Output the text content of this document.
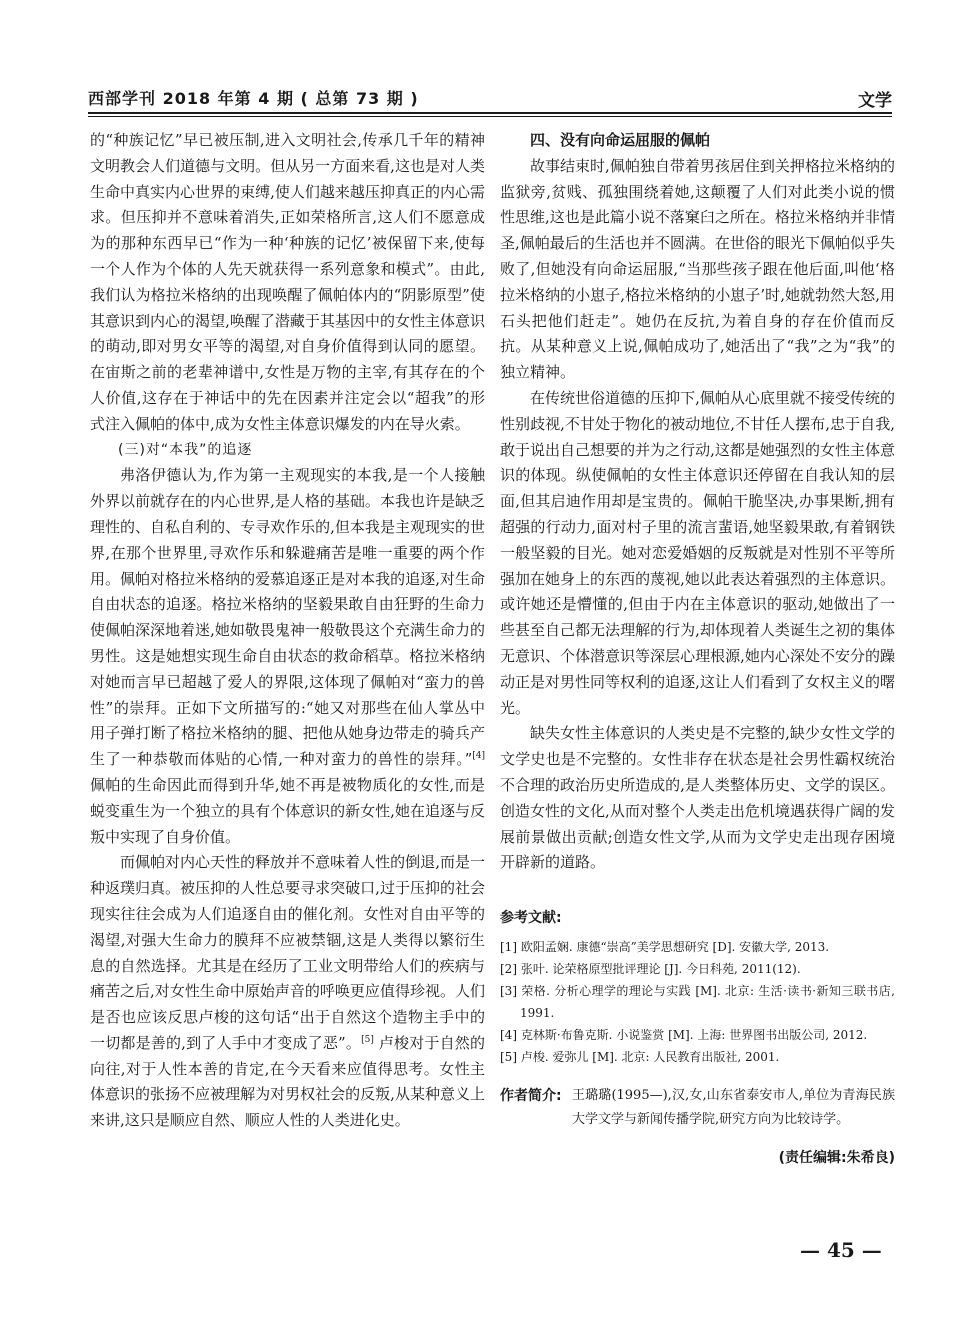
西部学刊 2018 年第 4 期 ( 总第 73 期 )	文学

的“种族记忆”早已被压制,进入文明社会,传承几千年的精神文明教会人们道德与文明。但从另一方面来看,这也是对人类生命中真实内心世界的束缚,使人们越来越压抑真正的内心需求。但压抑并不意味着消失,正如荣格所言,这人们不愿意成为的那种东西早已“作为一种‘种族的记忆’被保留下来,使每一个人作为个体的人先天就获得一系列意象和模式”。由此,我们认为格拉米格纳的出现唤醒了佩帕体内的“阴影原型”使其意识到内心的渴望,唤醒了潜藏于其基因中的女性主体意识的萌动,即对男女平等的渴望,对自身价值得到认同的愿望。在宙斯之前的老辈神谱中,女性是万物的主宰,有其存在的个人价值,这存在于神话中的先在因素并注定会以“超我”的形式注入佩帕的体中,成为女性主体意识爆发的内在导火索。

(三)对“本我”的追逐

弗洛伊德认为,作为第一主观现实的本我,是一个人接触外界以前就存在的内心世界,是人格的基础。本我也许是缺乏理性的、自私自利的、专寻欢作乐的,但本我是主观现实的世界,在那个世界里,寻欢作乐和躲避痛苦是唯一重要的两个作用。佩帕对格拉米格纳的爱慕追逐正是对本我的追逐,对生命自由状态的追逐。格拉米格纳的坚毅果敢自由狂野的生命力使佩帕深深地着迷,她如敬畏鬼神一般敬畏这个充满生命力的男性。这是她想实现生命自由状态的救命稻草。格拉米格纳对她而言早已超越了爱人的界限,这体现了佩帕对“蛮力的兽性”的崇拜。正如下文所描写的:“她又对那些在仙人掌丛中用子弹打断了格拉米格纳的腿、把他从她身边带走的骑兵产生了一种恭敬而体贴的心情,一种对蛮力的兽性的崇拜。”[4] 佩帕的生命因此而得到升华,她不再是被物质化的女性,而是蜕变重生为一个独立的具有个体意识的新女性,她在追逐与反叛中实现了自身价值。

而佩帕对内心天性的释放并不意味着人性的倒退,而是一种返璞归真。被压抑的人性总要寻求突破口,过于压抑的社会现实往往会成为人们追逐自由的催化剂。女性对自由平等的渴望,对强大生命力的膜拜不应被禁锢,这是人类得以繁衍生息的自然选择。尤其是在经历了工业文明带给人们的疾病与痛苦之后,对女性生命中原始声音的呼唤更应值得珍视。人们是否也应该反思卢梭的这句话“出于自然这个造物主手中的一切都是善的,到了人手中才变成了恶”。[5] 卢梭对于自然的向往,对于人性本善的肯定,在今天看来应值得思考。女性主体意识的张扬不应被理解为对男权社会的反叛,从某种意义上来讲,这只是顺应自然、顺应人性的人类进化史。

四、没有向命运屈服的佩帕

故事结束时,佩帕独自带着男孩居住到关押格拉米格纳的监狱旁,贫贱、孤独围绕着她,这颠覆了人们对此类小说的惯性思维,这也是此篇小说不落窠臼之所在。格拉米格纳并非情圣,佩帕最后的生活也并不圆满。在世俗的眼光下佩帕似乎失败了,但她没有向命运屈服,“当那些孩子跟在他后面,叫他‘格拉米格纳的小崽子,格拉米格纳的小崽子’时,她就勃然大怒,用石头把他们赶走”。她仍在反抗,为着自身的存在价值而反抗。从某种意义上说,佩帕成功了,她活出了“我”之为“我”的独立精神。

在传统世俗道德的压抑下,佩帕从心底里就不接受传统的性别歧视,不甘处于物化的被动地位,不甘任人摆布,忠于自我,敢于说出自己想要的并为之行动,这都是她强烈的女性主体意识的体现。纵使佩帕的女性主体意识还停留在自我认知的层面,但其启迪作用却是宝贵的。佩帕干脆坚决,办事果断,拥有超强的行动力,面对村子里的流言蜚语,她坚毅果敢,有着钢铁一般坚毅的目光。她对恋爱婚姻的反叛就是对性别不平等所强加在她身上的东西的蔑视,她以此表达着强烈的主体意识。或许她还是懵懂的,但由于内在主体意识的驱动,她做出了一些甚至自己都无法理解的行为,却体现着人类诞生之初的集体无意识、个体潜意识等深层心理根源,她内心深处不安分的躁动正是对男性同等权利的追逐,这让人们看到了女权主义的曙光。

缺失女性主体意识的人类史是不完整的,缺少女性文学的文学史也是不完整的。女性非存在状态是社会男性霸权统治不合理的政治历史所造成的,是人类整体历史、文学的误区。创造女性的文化,从而对整个人类走出危机境遇获得广阔的发展前景做出贡献;创造女性文学,从而为文学史走出现存困境开辟新的道路。

参考文献:
[1] 欧阳孟娴. 康德“崇高”美学思想研究 [D]. 安徽大学, 2013.
[2] 张叶. 论荣格原型批评理论 [J]. 今日科苑, 2011(12).
[3] 荣格. 分析心理学的理论与实践 [M]. 北京: 生活·读书·新知三联书店, 1991.
[4] 克林斯·布鲁克斯. 小说鉴赏 [M]. 上海: 世界图书出版公司, 2012.
[5] 卢梭. 爱弥儿 [M]. 北京: 人民教育出版社, 2001.
作者简介: 王璐璐(1995—),汉,女,山东省泰安市人,单位为青海民族大学文学与新闻传播学院,研究方向为比较诗学。
(责任编辑:朱希良)
— 45 —
